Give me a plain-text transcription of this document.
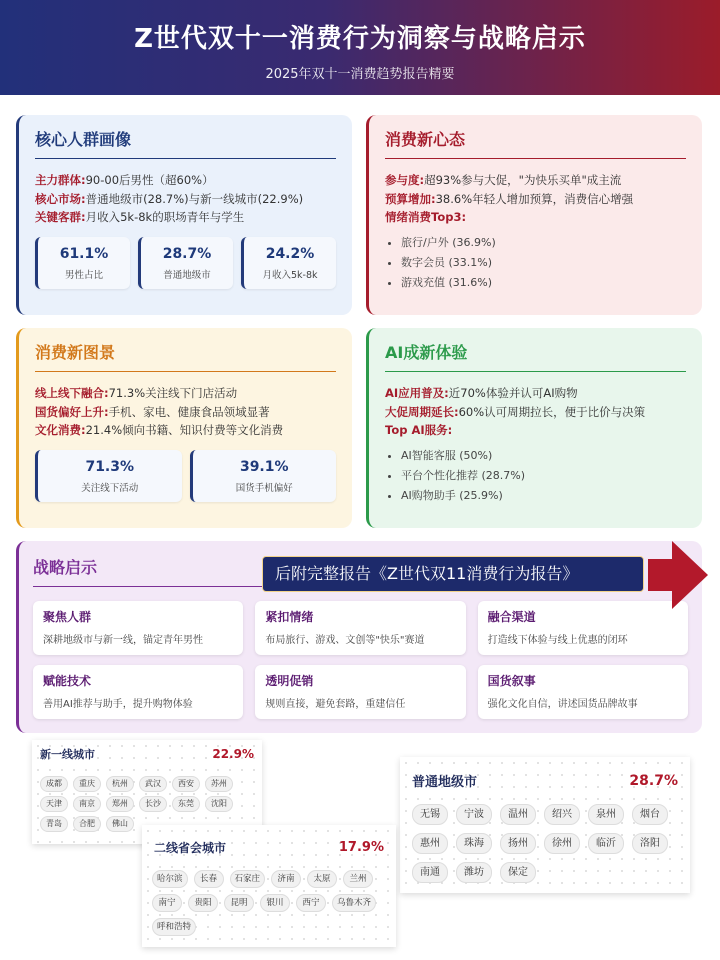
Z世代双十一消费行为洞察与战略启示
2025年双十一消费趋势报告精要
核心人群画像
主力群体:90-00后男性（超60%）
核心市场:普通地级市(28.7%)与新一线城市(22.9%)
关键客群:月收入5k-8k的职场青年与学生
61.1%
男性占比
28.7%
普通地级市
24.2%
月收入5k-8k
消费新心态
参与度:超93%参与大促，"为快乐买单"成主流
预算增加:38.6%年轻人增加预算，消费信心增强
情绪消费Top3:
• 旅行/户外 (36.9%)
• 数字会员 (33.1%)
• 游戏充值 (31.6%)
消费新图景
线上线下融合:71.3%关注线下门店活动
国货偏好上升:手机、家电、健康食品领域显著
文化消费:21.4%倾向书籍、知识付费等文化消费
71.3%
关注线下活动
39.1%
国货手机偏好
AI成新体验
AI应用普及:近70%体验并认可AI购物
大促周期延长:60%认可周期拉长，便于比价与决策
Top AI服务:
• AI智能客服 (50%)
• 平台个性化推荐 (28.7%)
• AI购物助手 (25.9%)
战略启示
聚焦人群
深耕地级市与新一线，锚定青年男性
紧扣情绪
布局旅行、游戏、文创等"快乐"赛道
融合渠道
打造线下体验与线上优惠的闭环
赋能技术
善用AI推荐与助手，提升购物体验
透明促销
规则直接，避免套路，重建信任
国货叙事
强化文化自信，讲述国货品牌故事
后附完整报告《Z世代双11消费行为报告》
新一线城市	22.9%
成都	重庆	杭州	武汉	西安	苏州
天津	南京	郑州	长沙	东莞	沈阳
青岛	合肥	佛山
普通地级市	28.7%
无锡	宁波	温州	绍兴	泉州	烟台
惠州	珠海	扬州	徐州	临沂	洛阳
南通	潍坊	保定
二线省会城市	17.9%
哈尔滨	长春	石家庄	济南	太原	兰州
南宁	贵阳	昆明	银川	西宁	乌鲁木齐
呼和浩特
